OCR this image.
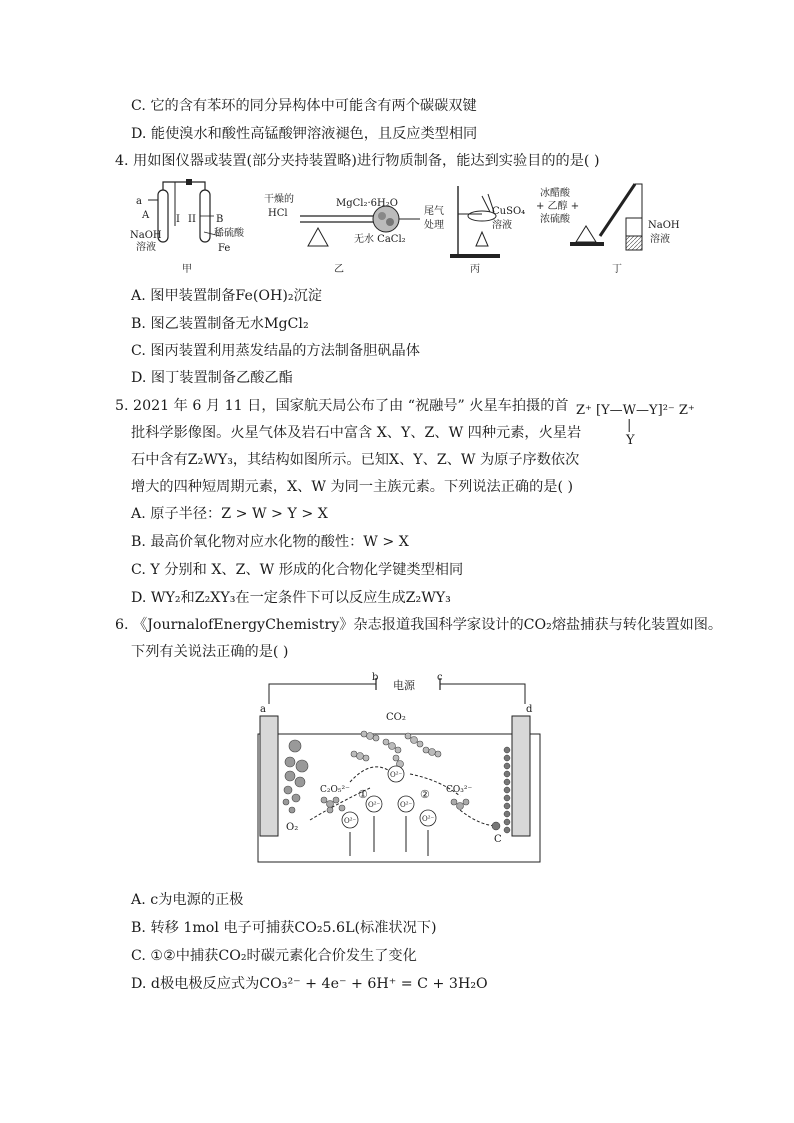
C. 它的含有苯环的同分异构体中可能含有两个碳碳双键
D. 能使溴水和酸性高锰酸钾溶液褪色，且反应类型相同
4. 用如图仪器或装置(部分夹持装置略)进行物质制备，能达到实验目的的是( )
a
A	I II B
NaOH
溶液
稀硫酸
Fe
甲
干燥的
HCl
MgCl₂·6H₂O
无水 CaCl₂
尾气
处理
乙
CuSO₄
溶液
丙
冰醋酸
+ 乙醇 +
浓硫酸
NaOH
溶液
丁
A. 图甲装置制备Fe(OH)₂沉淀
B. 图乙装置制备无水MgCl₂
C. 图丙装置利用蒸发结晶的方法制备胆矾晶体
D. 图丁装置制备乙酸乙酯
5. 2021 年 6 月 11 日，国家航天局公布了由 “祝融号” 火星车拍摄的首
批科学影像图。火星气体及岩石中富含 X、Y、Z、W 四种元素，火星岩
石中含有Z₂WY₃，其结构如图所示。已知X、Y、Z、W 为原子序数依次
增大的四种短周期元素，X、W 为同一主族元素。下列说法正确的是( )
Z⁺ [Y—W—Y]²⁻ Z⁺
|
Y
A. 原子半径：Z > W > Y > X
B. 最高价氧化物对应水化物的酸性：W > X
C. Y 分别和 X、Z、W 形成的化合物化学键类型相同
D. WY₂和Z₂XY₃在一定条件下可以反应生成Z₂WY₃
6. 《JournalofEnergyChemistry》杂志报道我国科学家设计的CO₂熔盐捕获与转化装置如图。
下列有关说法正确的是( )
b	c
电源
a	d
O₂
CO₂
O²⁻
O²⁻	O²⁻
O²⁻	O²⁻
C₂O₅²⁻ ①	② CO₃²⁻
C
A. c为电源的正极
B. 转移 1mol 电子可捕获CO₂5.6L(标准状况下)
C. ①②中捕获CO₂时碳元素化合价发生了变化
D. d极电极反应式为CO₃²⁻ + 4e⁻ + 6H⁺ = C + 3H₂O
